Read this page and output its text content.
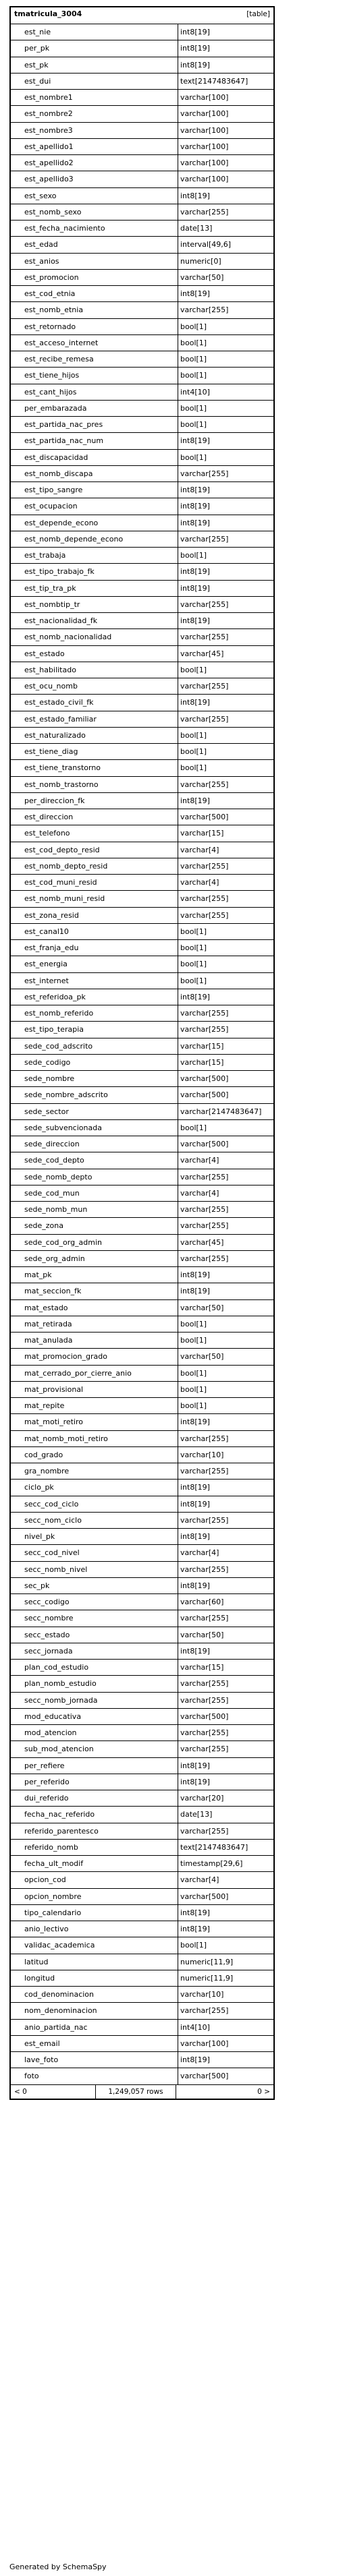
tmatricula_3004	[table]
est_nie	int8[19]
per_pk	int8[19]
est_pk	int8[19]
est_dui	text[2147483647]
est_nombre1	varchar[100]
est_nombre2	varchar[100]
est_nombre3	varchar[100]
est_apellido1	varchar[100]
est_apellido2	varchar[100]
est_apellido3	varchar[100]
est_sexo	int8[19]
est_nomb_sexo	varchar[255]
est_fecha_nacimiento	date[13]
est_edad	interval[49,6]
est_anios	numeric[0]
est_promocion	varchar[50]
est_cod_etnia	int8[19]
est_nomb_etnia	varchar[255]
est_retornado	bool[1]
est_acceso_internet	bool[1]
est_recibe_remesa	bool[1]
est_tiene_hijos	bool[1]
est_cant_hijos	int4[10]
per_embarazada	bool[1]
est_partida_nac_pres	bool[1]
est_partida_nac_num	int8[19]
est_discapacidad	bool[1]
est_nomb_discapa	varchar[255]
est_tipo_sangre	int8[19]
est_ocupacion	int8[19]
est_depende_econo	int8[19]
est_nomb_depende_econo	varchar[255]
est_trabaja	bool[1]
est_tipo_trabajo_fk	int8[19]
est_tip_tra_pk	int8[19]
est_nombtip_tr	varchar[255]
est_nacionalidad_fk	int8[19]
est_nomb_nacionalidad	varchar[255]
est_estado	varchar[45]
est_habilitado	bool[1]
est_ocu_nomb	varchar[255]
est_estado_civil_fk	int8[19]
est_estado_familiar	varchar[255]
est_naturalizado	bool[1]
est_tiene_diag	bool[1]
est_tiene_transtorno	bool[1]
est_nomb_trastorno	varchar[255]
per_direccion_fk	int8[19]
est_direccion	varchar[500]
est_telefono	varchar[15]
est_cod_depto_resid	varchar[4]
est_nomb_depto_resid	varchar[255]
est_cod_muni_resid	varchar[4]
est_nomb_muni_resid	varchar[255]
est_zona_resid	varchar[255]
est_canal10	bool[1]
est_franja_edu	bool[1]
est_energia	bool[1]
est_internet	bool[1]
est_referidoa_pk	int8[19]
est_nomb_referido	varchar[255]
est_tipo_terapia	varchar[255]
sede_cod_adscrito	varchar[15]
sede_codigo	varchar[15]
sede_nombre	varchar[500]
sede_nombre_adscrito	varchar[500]
sede_sector	varchar[2147483647]
sede_subvencionada	bool[1]
sede_direccion	varchar[500]
sede_cod_depto	varchar[4]
sede_nomb_depto	varchar[255]
sede_cod_mun	varchar[4]
sede_nomb_mun	varchar[255]
sede_zona	varchar[255]
sede_cod_org_admin	varchar[45]
sede_org_admin	varchar[255]
mat_pk	int8[19]
mat_seccion_fk	int8[19]
mat_estado	varchar[50]
mat_retirada	bool[1]
mat_anulada	bool[1]
mat_promocion_grado	varchar[50]
mat_cerrado_por_cierre_anio	bool[1]
mat_provisional	bool[1]
mat_repite	bool[1]
mat_moti_retiro	int8[19]
mat_nomb_moti_retiro	varchar[255]
cod_grado	varchar[10]
gra_nombre	varchar[255]
ciclo_pk	int8[19]
secc_cod_ciclo	int8[19]
secc_nom_ciclo	varchar[255]
nivel_pk	int8[19]
secc_cod_nivel	varchar[4]
secc_nomb_nivel	varchar[255]
sec_pk	int8[19]
secc_codigo	varchar[60]
secc_nombre	varchar[255]
secc_estado	varchar[50]
secc_jornada	int8[19]
plan_cod_estudio	varchar[15]
plan_nomb_estudio	varchar[255]
secc_nomb_jornada	varchar[255]
mod_educativa	varchar[500]
mod_atencion	varchar[255]
sub_mod_atencion	varchar[255]
per_refiere	int8[19]
per_referido	int8[19]
dui_referido	varchar[20]
fecha_nac_referido	date[13]
referido_parentesco	varchar[255]
referido_nomb	text[2147483647]
fecha_ult_modif	timestamp[29,6]
opcion_cod	varchar[4]
opcion_nombre	varchar[500]
tipo_calendario	int8[19]
anio_lectivo	int8[19]
validac_academica	bool[1]
latitud	numeric[11,9]
longitud	numeric[11,9]
cod_denominacion	varchar[10]
nom_denominacion	varchar[255]
anio_partida_nac	int4[10]
est_email	varchar[100]
lave_foto	int8[19]
foto	varchar[500]
< 0	1,249,057 rows	0 >
Generated by SchemaSpy
